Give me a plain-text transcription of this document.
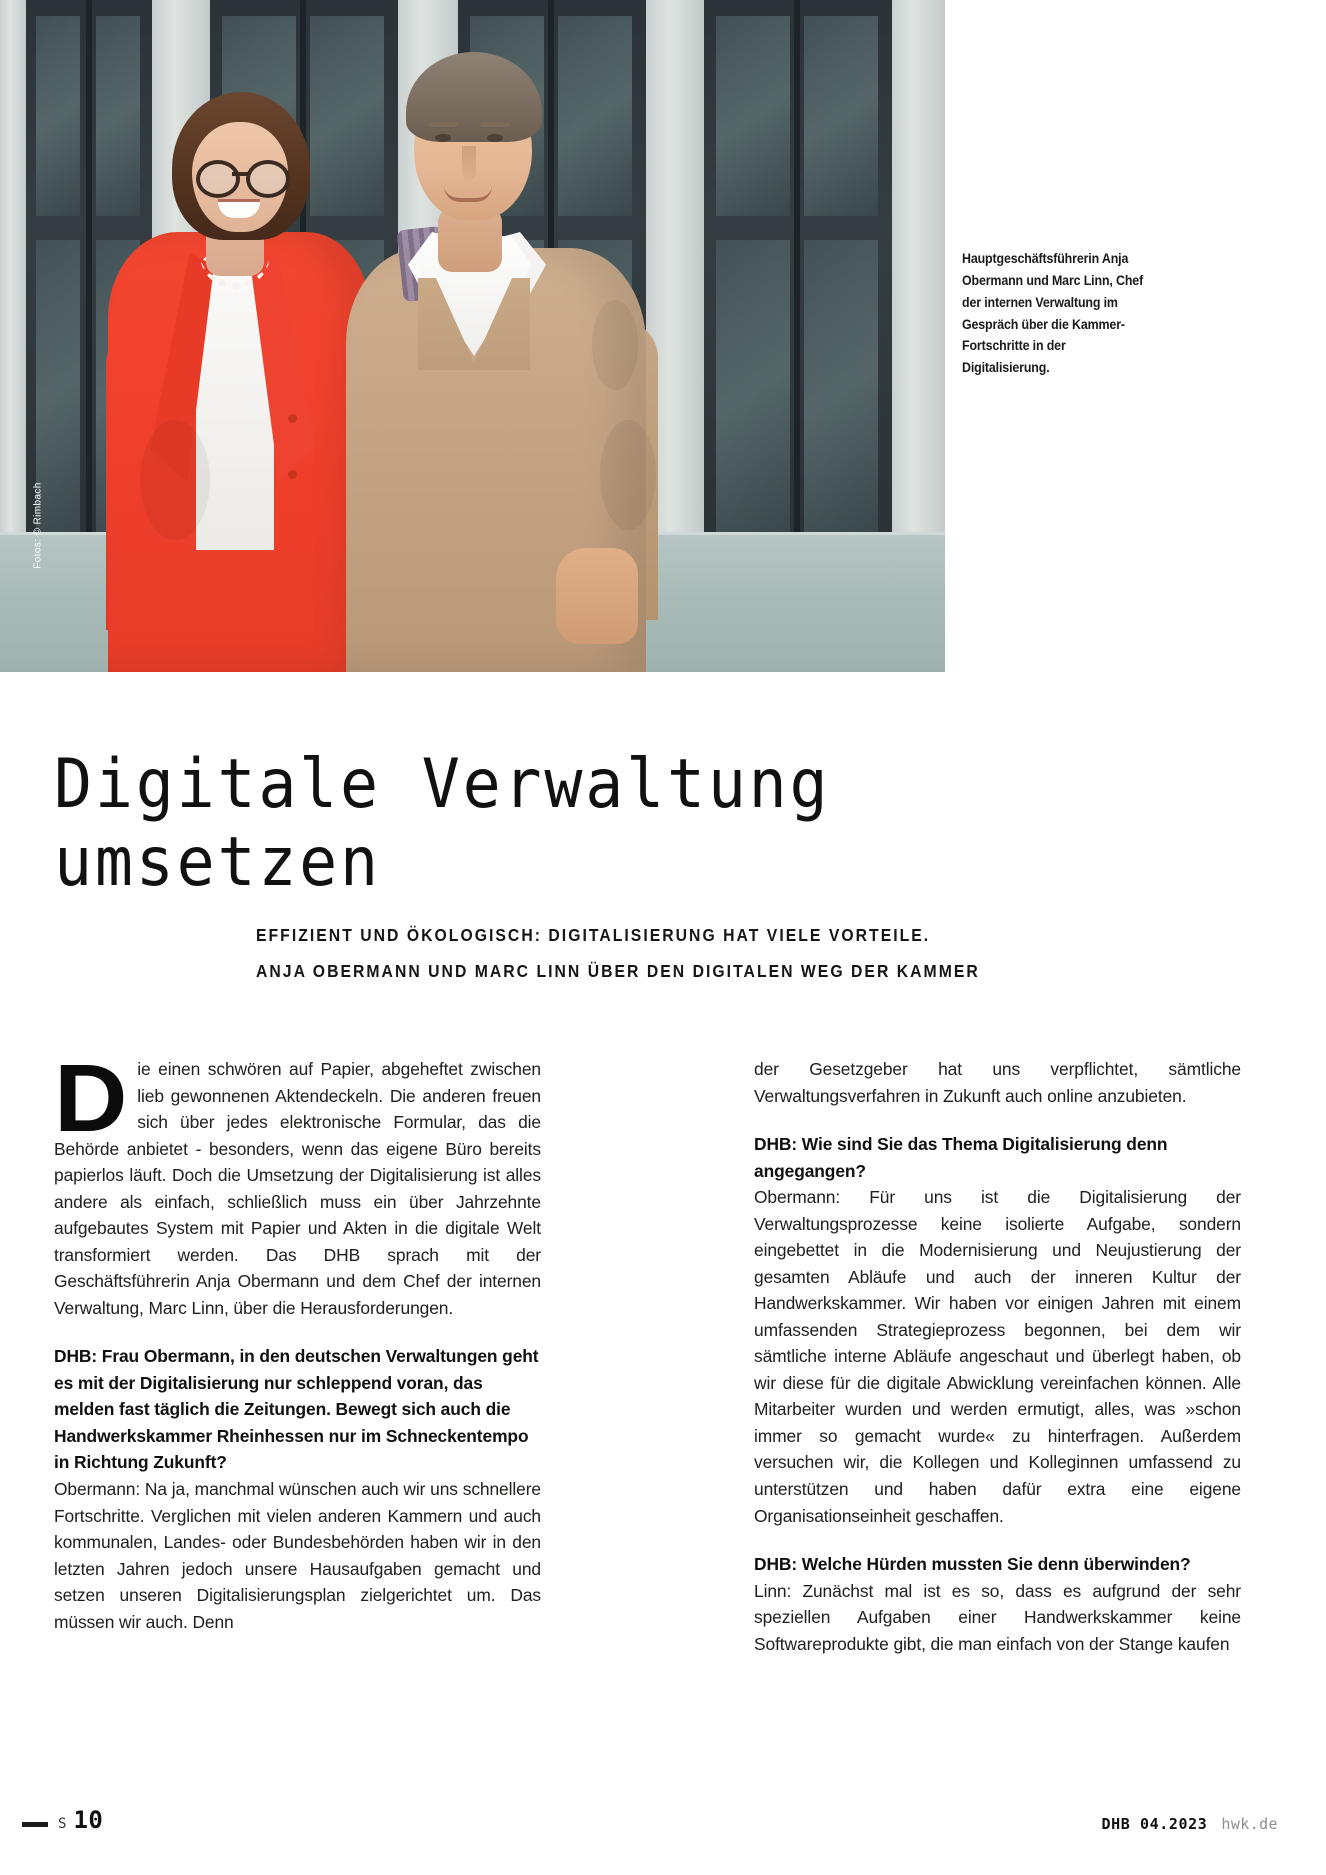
Fotos: © Rimbach
Hauptgeschäftsführerin Anja Obermann und Marc Linn, Chef der internen Verwaltung im Gespräch über die Kammer-Fortschritte in der Digitalisierung.
Digitale Verwaltung
umsetzen
EFFIZIENT UND ÖKOLOGISCH: DIGITALISIERUNG HAT VIELE VORTEILE.
ANJA OBERMANN UND MARC LINN ÜBER DEN DIGITALEN WEG DER KAMMER

Die einen schwören auf Papier, abgeheftet zwischen lieb gewonnenen Aktendeckeln. Die anderen freuen sich über jedes elektronische Formular, das die Behörde anbietet - besonders, wenn das eigene Büro bereits papierlos läuft. Doch die Umsetzung der Digitalisierung ist alles andere als einfach, schließlich muss ein über Jahrzehnte aufgebautes System mit Papier und Akten in die digitale Welt transformiert werden. Das DHB sprach mit der Geschäftsführerin Anja Obermann und dem Chef der internen Verwaltung, Marc Linn, über die Herausforderungen.

DHB: Frau Obermann, in den deutschen Verwaltungen geht es mit der Digitalisierung nur schleppend voran, das melden fast täglich die Zeitungen. Bewegt sich auch die Handwerkskammer Rheinhessen nur im Schneckentempo in Richtung Zukunft?

Obermann: Na ja, manchmal wünschen auch wir uns schnellere Fortschritte. Verglichen mit vielen anderen Kammern und auch kommunalen, Landes- oder Bundesbehörden haben wir in den letzten Jahren jedoch unsere Hausaufgaben gemacht und setzen unseren Digitalisierungsplan zielgerichtet um. Das müssen wir auch. Denn

der Gesetzgeber hat uns verpflichtet, sämtliche Verwaltungsverfahren in Zukunft auch online anzubieten.

DHB: Wie sind Sie das Thema Digitalisierung denn angegangen?

Obermann: Für uns ist die Digitalisierung der Verwaltungsprozesse keine isolierte Aufgabe, sondern eingebettet in die Modernisierung und Neujustierung der gesamten Abläufe und auch der inneren Kultur der Handwerkskammer. Wir haben vor einigen Jahren mit einem umfassenden Strategieprozess begonnen, bei dem wir sämtliche interne Abläufe angeschaut und überlegt haben, ob wir diese für die digitale Abwicklung vereinfachen können. Alle Mitarbeiter wurden und werden ermutigt, alles, was »schon immer so gemacht wurde« zu hinterfragen. Außerdem versuchen wir, die Kollegen und Kolleginnen umfassend zu unterstützen und haben dafür extra eine eigene Organisationseinheit geschaffen.

DHB: Welche Hürden mussten Sie denn überwinden?

Linn: Zunächst mal ist es so, dass es aufgrund der sehr speziellen Aufgaben einer Handwerkskammer keine Softwareprodukte gibt, die man einfach von der Stange kaufen

S 10	DHB 04.2023 hwk.de
